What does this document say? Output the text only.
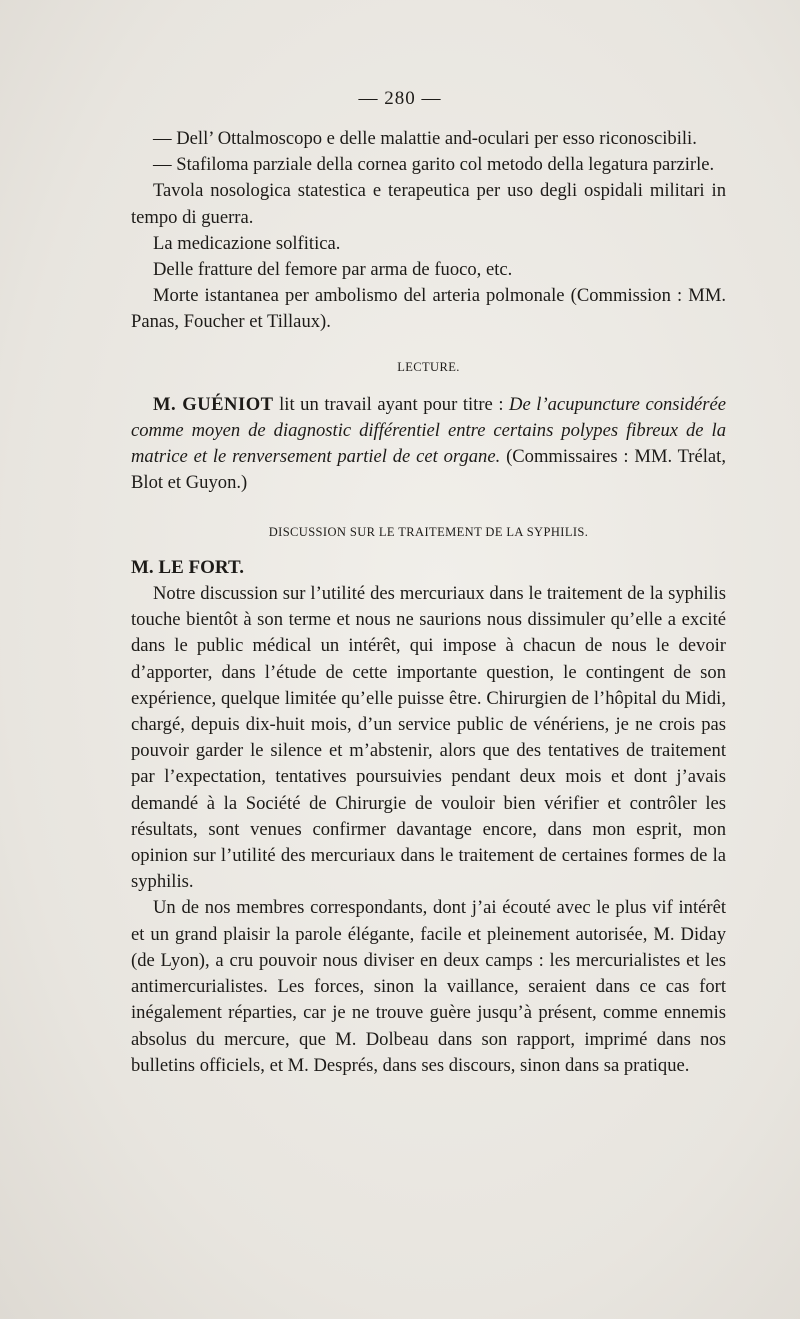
— 280 —

— Dell’ Ottalmoscopo e delle malattie and-oculari per esso riconoscibili.

— Stafiloma parziale della cornea garito col metodo della legatura parzirle.

Tavola nosologica statestica e terapeutica per uso degli ospidali militari in tempo di guerra.

La medicazione solfitica.

Delle fratture del femore par arma de fuoco, etc.

Morte istantanea per ambolismo del arteria polmonale (Commission : MM. Panas, Foucher et Tillaux).

LECTURE.

M. GUÉNIOT lit un travail ayant pour titre : De l’acupuncture considérée comme moyen de diagnostic différentiel entre certains polypes fibreux de la matrice et le renversement partiel de cet organe. (Commissaires : MM. Trélat, Blot et Guyon.)

DISCUSSION SUR LE TRAITEMENT DE LA SYPHILIS.

M. LE FORT.

Notre discussion sur l’utilité des mercuriaux dans le traitement de la syphilis touche bientôt à son terme et nous ne saurions nous dissimuler qu’elle a excité dans le public médical un intérêt, qui impose à chacun de nous le devoir d’apporter, dans l’étude de cette importante question, le contingent de son expérience, quelque limitée qu’elle puisse être. Chirurgien de l’hôpital du Midi, chargé, depuis dix-huit mois, d’un service public de vénériens, je ne crois pas pouvoir garder le silence et m’abstenir, alors que des tentatives de traitement par l’expectation, tentatives poursuivies pendant deux mois et dont j’avais demandé à la Société de Chirurgie de vouloir bien vérifier et contrôler les résultats, sont venues confirmer davantage encore, dans mon esprit, mon opinion sur l’utilité des mercuriaux dans le traitement de certaines formes de la syphilis.

Un de nos membres correspondants, dont j’ai écouté avec le plus vif intérêt et un grand plaisir la parole élégante, facile et pleinement autorisée, M. Diday (de Lyon), a cru pouvoir nous diviser en deux camps : les mercurialistes et les antimercurialistes. Les forces, sinon la vaillance, seraient dans ce cas fort inégalement réparties, car je ne trouve guère jusqu’à présent, comme ennemis absolus du mercure, que M. Dolbeau dans son rapport, imprimé dans nos bulletins officiels, et M. Després, dans ses discours, sinon dans sa pratique.
